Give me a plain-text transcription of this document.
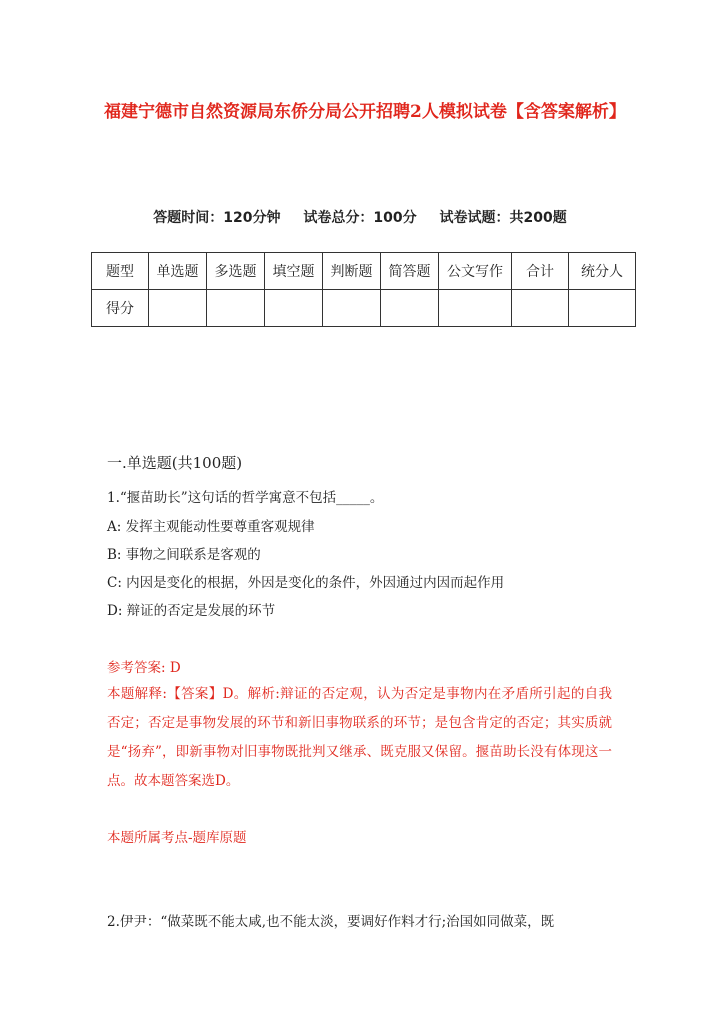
福建宁德市自然资源局东侨分局公开招聘2人模拟试卷【含答案解析】
答题时间：120分钟 试卷总分：100分 试卷试题：共200题
题型	单选题	多选题	填空题	判断题	简答题	公文写作	合计	统分人
得分								
一.单选题(共100题)
1.“揠苗助长”这句话的哲学寓意不包括_____。
A: 发挥主观能动性要尊重客观规律
B: 事物之间联系是客观的
C: 内因是变化的根据，外因是变化的条件，外因通过内因而起作用
D: 辩证的否定是发展的环节
参考答案: D
本题解释:【答案】D。解析:辩证的否定观，认为否定是事物内在矛盾所引起的自我否定；否定是事物发展的环节和新旧事物联系的环节；是包含肯定的否定；其实质就是“扬弃”，即新事物对旧事物既批判又继承、既克服又保留。揠苗助长没有体现这一点。故本题答案选D。
本题所属考点-题库原题
2.伊尹：“做菜既不能太咸,也不能太淡，要调好作料才行;治国如同做菜，既
